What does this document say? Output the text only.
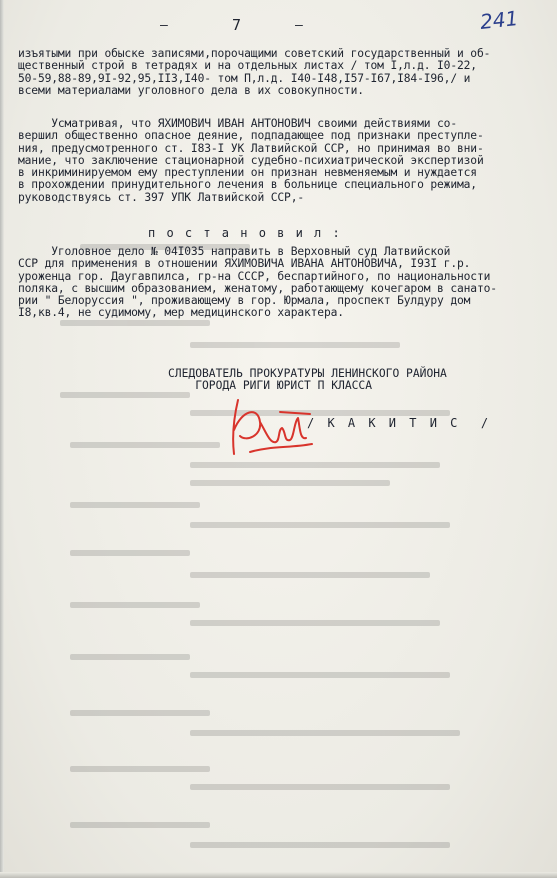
—	7	—	241
изъятыми при обыске записями,порочащими советский государственный и об-
щественный строй в тетрадях и на отдельных листах / том I,л.д. I0-22,
50-59,88-89,9I-92,95,II3,I40- том П,л.д. I40-I48,I57-I67,I84-I96,/ и
всеми материалами уголовного дела в их совокупности.
Усматривая, что ЯХИМОВИЧ ИВАН АНТОНОВИЧ своими действиями со-
вершил общественно опасное деяние, подпадающее под признаки преступле-
ния, предусмотренного ст. I83-I УК Латвийской ССР, но принимая во вни-
мание, что заключение стационарной судебно-психиатрической экспертизой
в инкриминируемом ему преступлении он признан невменяемым и нуждается
в прохождении принудительного лечения в больнице специального режима,
руководствуясь ст. 397 УПК Латвийской ССР,-
п о с т а н о в и л :
Уголовное дело № 04I035 направить в Верховный суд Латвийской
ССР для применения в отношении ЯХИМОВИЧА ИВАНА АНТОНОВИЧА, I93I г.р.
уроженца гор. Даугавпилса, гр-на СССР, беспартийного, по национальности
поляка, с высшим образованием, женатому, работающему кочегаром в санато-
рии " Белоруссия ", проживающему в гор. Юрмала, проспект Булдуру дом
I8,кв.4, не судимому, мер медицинского характера.
СЛЕДОВАТЕЛЬ ПРОКУРАТУРЫ ЛЕНИНСКОГО РАЙОНА
ГОРОДА РИГИ ЮРИСТ П КЛАССА
/ К А К И Т И С  /
